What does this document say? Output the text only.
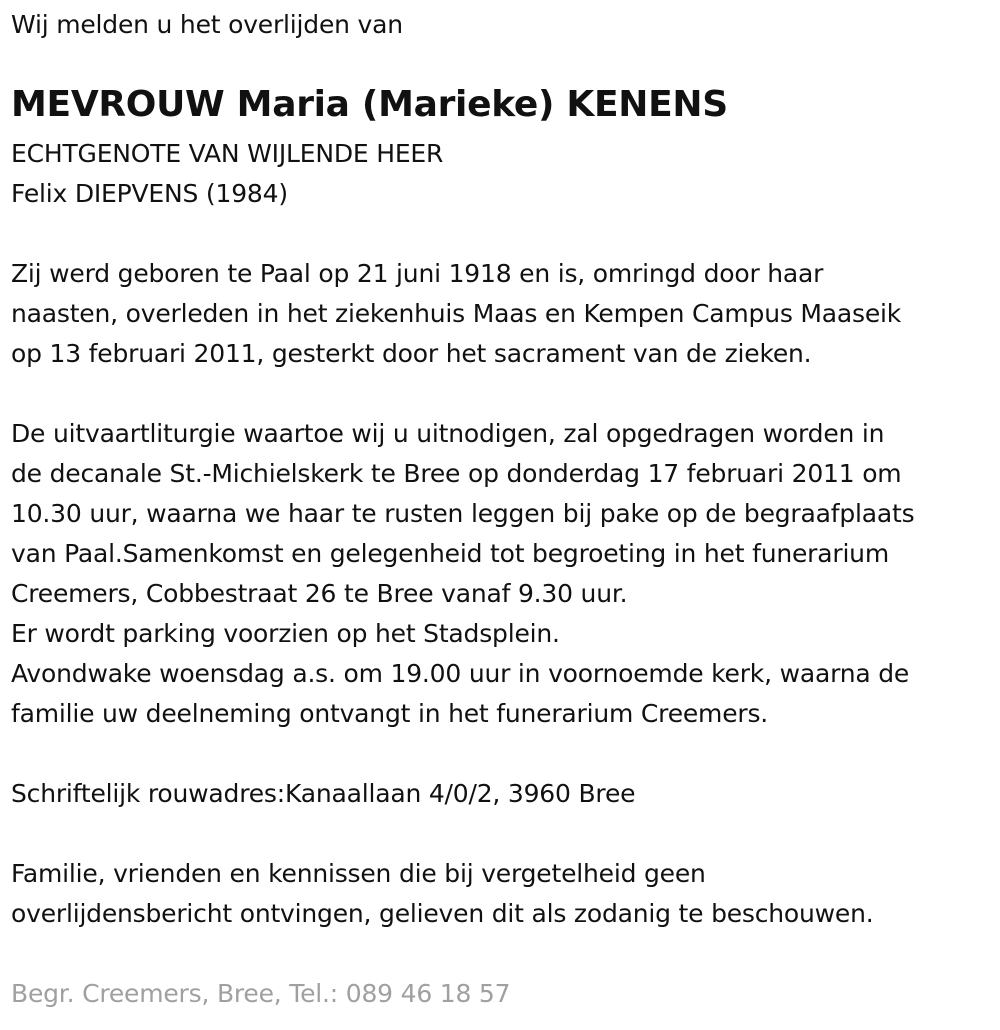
Wij melden u het overlijden van
MEVROUW Maria (Marieke) KENENS
ECHTGENOTE VAN WIJLENDE HEER
Felix DIEPVENS (1984)
Zij werd geboren te Paal op 21 juni 1918 en is, omringd door haar
naasten, overleden in het ziekenhuis Maas en Kempen Campus Maaseik
op 13 februari 2011, gesterkt door het sacrament van de zieken.
De uitvaartliturgie waartoe wij u uitnodigen, zal opgedragen worden in
de decanale St.-Michielskerk te Bree op donderdag 17 februari 2011 om
10.30 uur, waarna we haar te rusten leggen bij pake op de begraafplaats
van Paal.Samenkomst en gelegenheid tot begroeting in het funerarium
Creemers, Cobbestraat 26 te Bree vanaf 9.30 uur.
Er wordt parking voorzien op het Stadsplein.
Avondwake woensdag a.s. om 19.00 uur in voornoemde kerk, waarna de
familie uw deelneming ontvangt in het funerarium Creemers.
Schriftelijk rouwadres:Kanaallaan 4/0/2, 3960 Bree
Familie, vrienden en kennissen die bij vergetelheid geen
overlijdensbericht ontvingen, gelieven dit als zodanig te beschouwen.
Begr. Creemers, Bree, Tel.: 089 46 18 57
